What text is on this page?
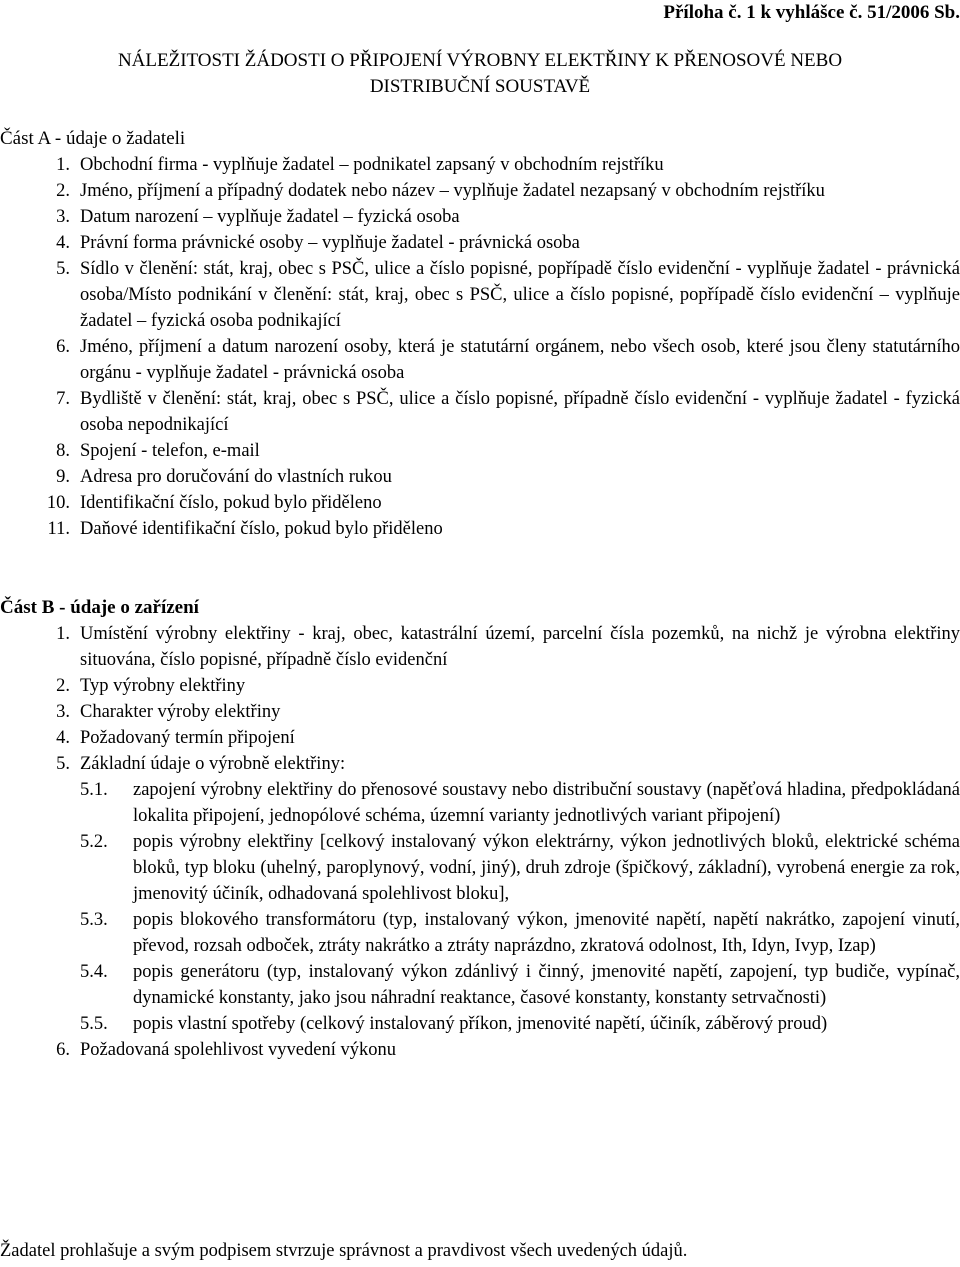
Příloha č. 1 k vyhlášce č. 51/2006 Sb.
NÁLEŽITOSTI ŽÁDOSTI O PŘIPOJENÍ VÝROBNY ELEKTŘINY K PŘENOSOVÉ NEBO
DISTRIBUČNÍ SOUSTAVĚ
Část A - údaje o žadateli
1. Obchodní firma - vyplňuje žadatel – podnikatel zapsaný v obchodním rejstříku
2. Jméno, příjmení a případný dodatek nebo název – vyplňuje žadatel nezapsaný v obchodním rejstříku
3. Datum narození – vyplňuje žadatel – fyzická osoba
4. Právní forma právnické osoby – vyplňuje žadatel - právnická osoba
5. Sídlo v členění: stát, kraj, obec s PSČ, ulice a číslo popisné, popřípadě číslo evidenční - vyplňuje žadatel - právnická osoba/Místo podnikání v členění: stát, kraj, obec s PSČ, ulice a číslo popisné, popřípadě číslo evidenční – vyplňuje žadatel – fyzická osoba podnikající
6. Jméno, příjmení a datum narození osoby, která je statutární orgánem, nebo všech osob, které jsou členy statutárního orgánu - vyplňuje žadatel - právnická osoba
7. Bydliště v členění: stát, kraj, obec s PSČ, ulice a číslo popisné, případně číslo evidenční - vyplňuje žadatel - fyzická osoba nepodnikající
8. Spojení - telefon, e-mail
9. Adresa pro doručování do vlastních rukou
10. Identifikační číslo, pokud bylo přiděleno
11. Daňové identifikační číslo, pokud bylo přiděleno
Část B - údaje o zařízení
1. Umístění výrobny elektřiny - kraj, obec, katastrální území, parcelní čísla pozemků, na nichž je výrobna elektřiny situována, číslo popisné, případně číslo evidenční
2. Typ výrobny elektřiny
3. Charakter výroby elektřiny
4. Požadovaný termín připojení
5. Základní údaje o výrobně elektřiny:
5.1. zapojení výrobny elektřiny do přenosové soustavy nebo distribuční soustavy (napěťová hladina, předpokládaná lokalita připojení, jednopólové schéma, územní varianty jednotlivých variant připojení)
5.2. popis výrobny elektřiny [celkový instalovaný výkon elektrárny, výkon jednotlivých bloků, elektrické schéma bloků, typ bloku (uhelný, paroplynový, vodní, jiný), druh zdroje (špičkový, základní), vyrobená energie za rok, jmenovitý účiník, odhadovaná spolehlivost bloku],
5.3. popis blokového transformátoru (typ, instalovaný výkon, jmenovité napětí, napětí nakrátko, zapojení vinutí, převod, rozsah odboček, ztráty nakrátko a ztráty naprázdno, zkratová odolnost, Ith, Idyn, Ivyp, Izap)
5.4. popis generátoru (typ, instalovaný výkon zdánlivý i činný, jmenovité napětí, zapojení, typ budiče, vypínač, dynamické konstanty, jako jsou náhradní reaktance, časové konstanty, konstanty setrvačnosti)
5.5. popis vlastní spotřeby (celkový instalovaný příkon, jmenovité napětí, účiník, záběrový proud)
6. Požadovaná spolehlivost vyvedení výkonu
Žadatel prohlašuje a svým podpisem stvrzuje správnost a pravdivost všech uvedených údajů.
